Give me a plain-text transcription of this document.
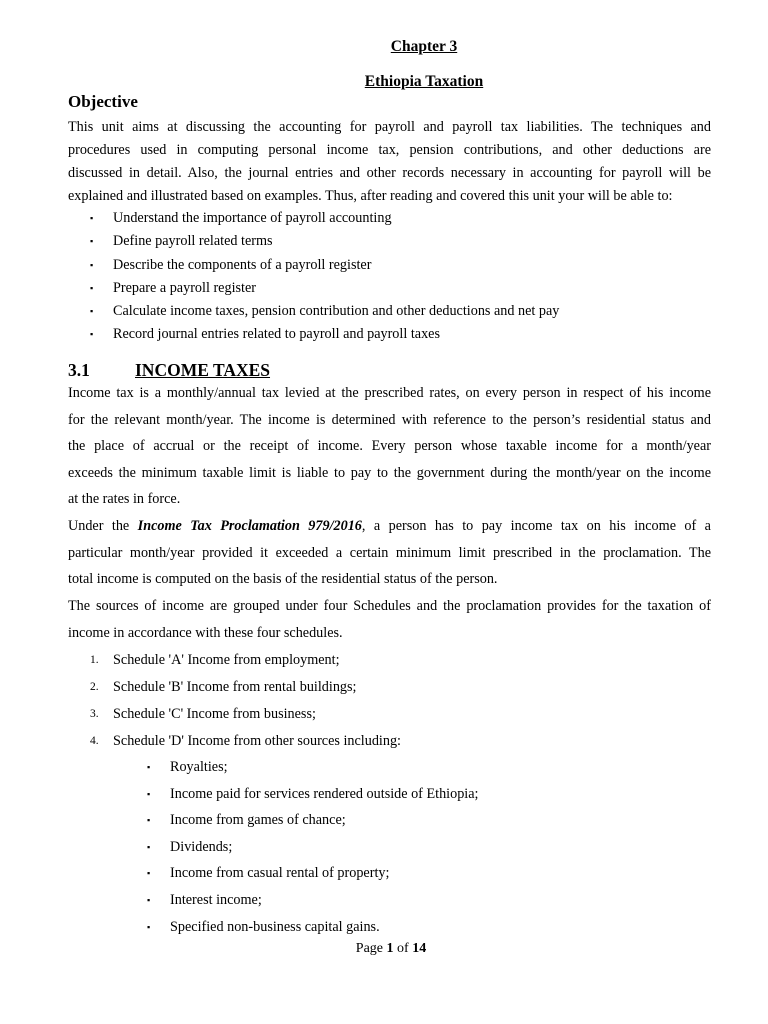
Chapter 3
Ethiopia Taxation
Objective
This unit aims at discussing the accounting for payroll and payroll tax liabilities. The techniques and
procedures used in computing personal income tax, pension contributions, and other deductions are
discussed in detail. Also, the journal entries and other records necessary in accounting for payroll will be
explained and illustrated based on examples. Thus, after reading and covered this unit your will be able to:
▪ Understand the importance of payroll accounting
▪ Define payroll related terms
▪ Describe the components of a payroll register
▪ Prepare a payroll register
▪ Calculate income taxes, pension contribution and other deductions and net pay
▪ Record journal entries related to payroll and payroll taxes
3.1	INCOME TAXES
Income tax is a monthly/annual tax levied at the prescribed rates, on every person in respect of his income
for the relevant month/year. The income is determined with reference to the person’s residential status and
the place of accrual or the receipt of income. Every person whose taxable income for a month/year
exceeds the minimum taxable limit is liable to pay to the government during the month/year on the income
at the rates in force.
Under the Income Tax Proclamation 979/2016, a person has to pay income tax on his income of a
particular month/year provided it exceeded a certain minimum limit prescribed in the proclamation. The
total income is computed on the basis of the residential status of the person.
The sources of income are grouped under four Schedules and the proclamation provides for the taxation of
income in accordance with these four schedules.
1. Schedule 'A' Income from employment;
2. Schedule 'B' Income from rental buildings;
3. Schedule 'C' Income from business;
4. Schedule 'D' Income from other sources including:
▪ Royalties;
▪ Income paid for services rendered outside of Ethiopia;
▪ Income from games of chance;
▪ Dividends;
▪ Income from casual rental of property;
▪ Interest income;
▪ Specified non-business capital gains.
Page 1 of 14
